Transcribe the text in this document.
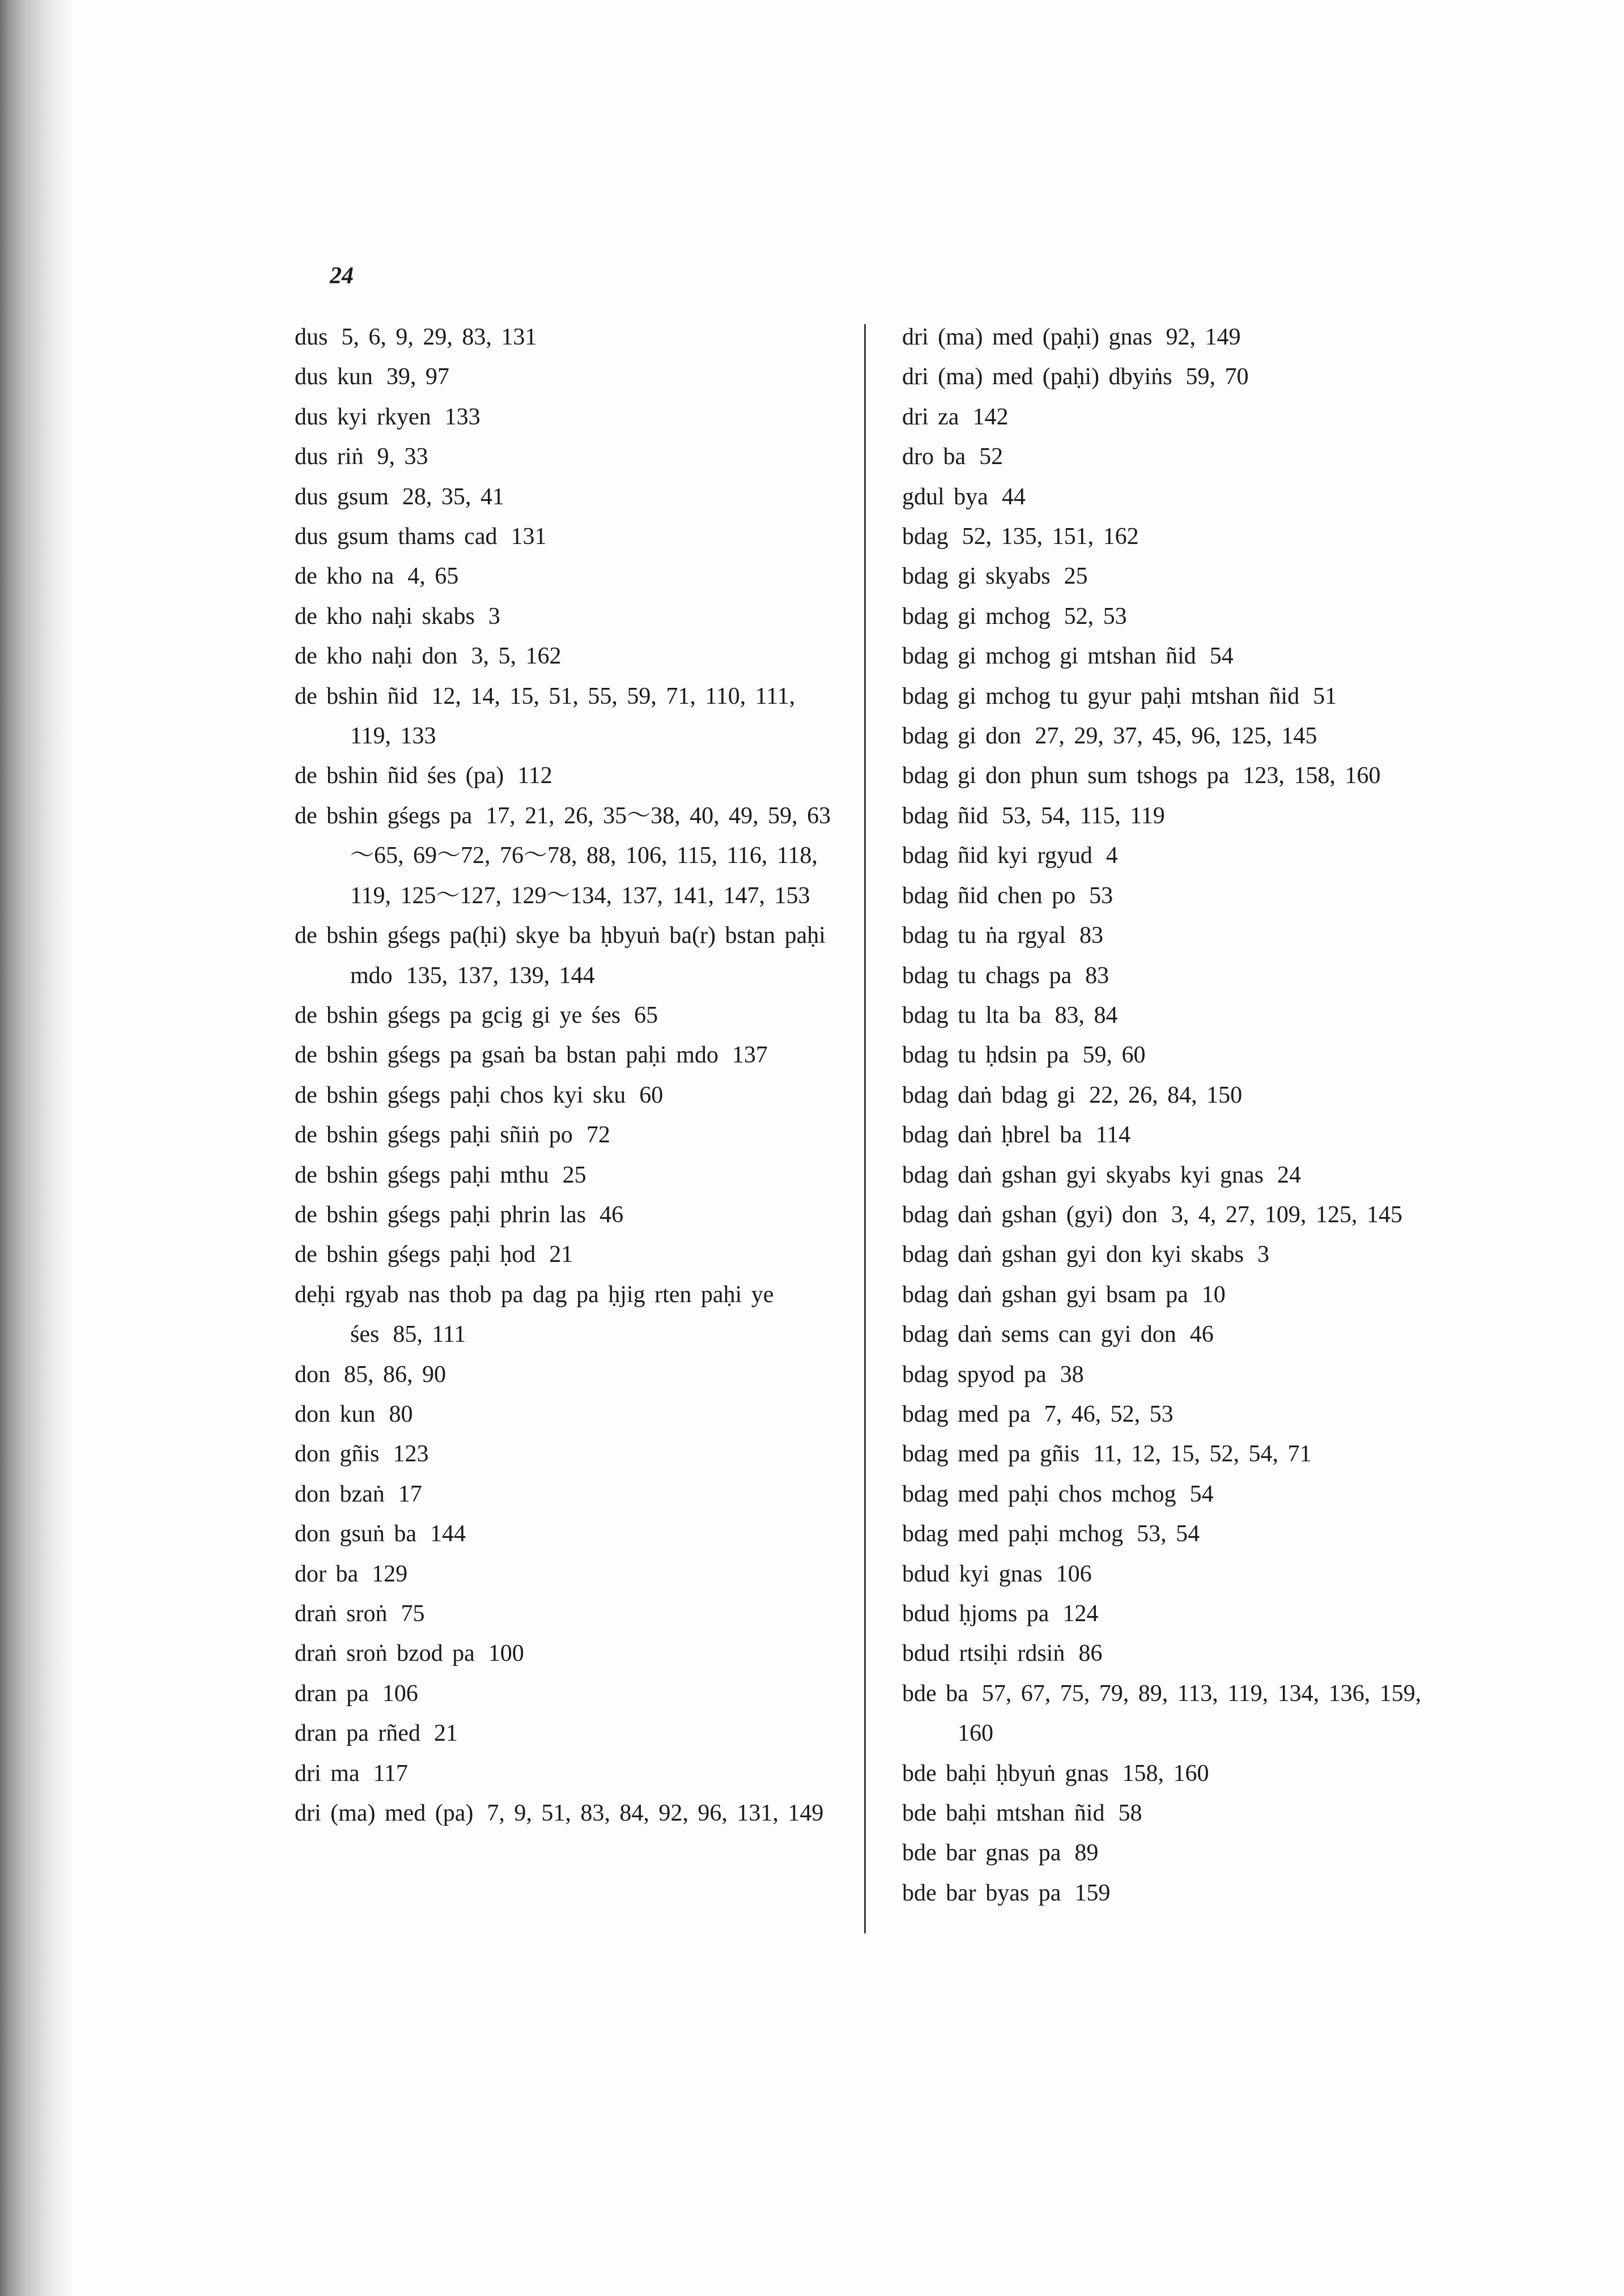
24
dus 5, 6, 9, 29, 83, 131
dus kun 39, 97
dus kyi rkyen 133
dus riṅ 9, 33
dus gsum 28, 35, 41
dus gsum thams cad 131
de kho na 4, 65
de kho naḥi skabs 3
de kho naḥi don 3, 5, 162
de bshin ñid 12, 14, 15, 51, 55, 59, 71, 110, 111, 119, 133
de bshin ñid śes (pa) 112
de bshin gśegs pa 17, 21, 26, 35～38, 40, 49, 59, 63～65, 69～72, 76～78, 88, 106, 115, 116, 118, 119, 125～127, 129～134, 137, 141, 147, 153
de bshin gśegs pa(ḥi) skye ba ḥbyuṅ ba(r) bstan paḥi mdo 135, 137, 139, 144
de bshin gśegs pa gcig gi ye śes 65
de bshin gśegs pa gsaṅ ba bstan paḥi mdo 137
de bshin gśegs paḥi chos kyi sku 60
de bshin gśegs paḥi sñiṅ po 72
de bshin gśegs paḥi mthu 25
de bshin gśegs paḥi phrin las 46
de bshin gśegs paḥi ḥod 21
deḥi rgyab nas thob pa dag pa ḥjig rten paḥi ye śes 85, 111
don 85, 86, 90
don kun 80
don gñis 123
don bzaṅ 17
don gsuṅ ba 144
dor ba 129
draṅ sroṅ 75
draṅ sroṅ bzod pa 100
dran pa 106
dran pa rñed 21
dri ma 117
dri (ma) med (pa) 7, 9, 51, 83, 84, 92, 96, 131, 149
dri (ma) med (paḥi) gnas 92, 149
dri (ma) med (paḥi) dbyiṅs 59, 70
dri za 142
dro ba 52
gdul bya 44
bdag 52, 135, 151, 162
bdag gi skyabs 25
bdag gi mchog 52, 53
bdag gi mchog gi mtshan ñid 54
bdag gi mchog tu gyur paḥi mtshan ñid 51
bdag gi don 27, 29, 37, 45, 96, 125, 145
bdag gi don phun sum tshogs pa 123, 158, 160
bdag ñid 53, 54, 115, 119
bdag ñid kyi rgyud 4
bdag ñid chen po 53
bdag tu ṅa rgyal 83
bdag tu chags pa 83
bdag tu lta ba 83, 84
bdag tu ḥdsin pa 59, 60
bdag daṅ bdag gi 22, 26, 84, 150
bdag daṅ ḥbrel ba 114
bdag daṅ gshan gyi skyabs kyi gnas 24
bdag daṅ gshan (gyi) don 3, 4, 27, 109, 125, 145
bdag daṅ gshan gyi don kyi skabs 3
bdag daṅ gshan gyi bsam pa 10
bdag daṅ sems can gyi don 46
bdag spyod pa 38
bdag med pa 7, 46, 52, 53
bdag med pa gñis 11, 12, 15, 52, 54, 71
bdag med paḥi chos mchog 54
bdag med paḥi mchog 53, 54
bdud kyi gnas 106
bdud ḥjoms pa 124
bdud rtsiḥi rdsiṅ 86
bde ba 57, 67, 75, 79, 89, 113, 119, 134, 136, 159, 160
bde baḥi ḥbyuṅ gnas 158, 160
bde baḥi mtshan ñid 58
bde bar gnas pa 89
bde bar byas pa 159
